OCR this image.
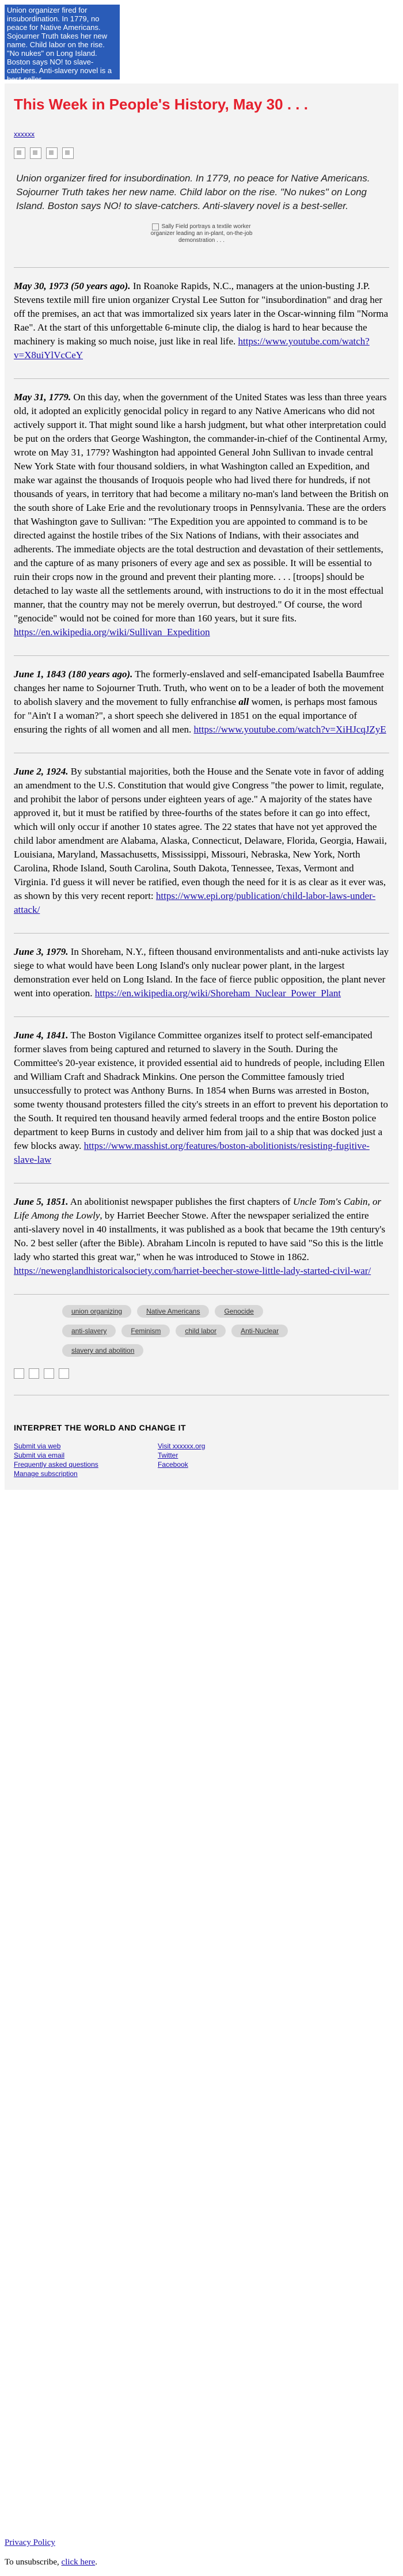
Union organizer fired for insubordination. In 1779, no peace for Native Americans. Sojourner Truth takes her new name. Child labor on the rise. "No nukes" on Long Island. Boston says NO! to slave-catchers. Anti-slavery novel is a best-seller.
This Week in People's History, May 30 . . .
xxxxxx
Union organizer fired for insubordination. In 1779, no peace for Native Americans. Sojourner Truth takes her new name. Child labor on the rise. "No nukes" on Long Island. Boston says NO! to slave-catchers. Anti-slavery novel is a best-seller.
Sally Field portrays a textile worker organizer leading an in-plant, on-the-job demonstration . . .
May 30, 1973 (50 years ago). In Roanoke Rapids, N.C., managers at the union-busting J.P. Stevens textile mill fire union organizer Crystal Lee Sutton for "insubordination" and drag her off the premises, an act that was immortalized six years later in the Oscar-winning film "Norma Rae". At the start of this unforgettable 6-minute clip, the dialog is hard to hear because the machinery is making so much noise, just like in real life. https://www.youtube.com/watch?v=X8uiYlVcCeY
May 31, 1779. On this day, when the government of the United States was less than three years old, it adopted an explicitly genocidal policy in regard to any Native Americans who did not actively support it. That might sound like a harsh judgment, but what other interpretation could be put on the orders that George Washington, the commander-in-chief of the Continental Army, wrote on May 31, 1779? Washington had appointed General John Sullivan to invade central New York State with four thousand soldiers, in what Washington called an Expedition, and make war against the thousands of Iroquois people who had lived there for hundreds, if not thousands of years, in territory that had become a military no-man's land between the British on the south shore of Lake Erie and the revolutionary troops in Pennsylvania. These are the orders that Washington gave to Sullivan: "The Expedition you are appointed to command is to be directed against the hostile tribes of the Six Nations of Indians, with their associates and adherents. The immediate objects are the total destruction and devastation of their settlements, and the capture of as many prisoners of every age and sex as possible. It will be essential to ruin their crops now in the ground and prevent their planting more. . . . [troops] should be detached to lay waste all the settlements around, with instructions to do it in the most effectual manner, that the country may not be merely overrun, but destroyed." Of course, the word "genocide" would not be coined for more than 160 years, but it sure fits. https://en.wikipedia.org/wiki/Sullivan_Expedition
June 1, 1843 (180 years ago). The formerly-enslaved and self-emancipated Isabella Baumfree changes her name to Sojourner Truth. Truth, who went on to be a leader of both the movement to abolish slavery and the movement to fully enfranchise all women, is perhaps most famous for "Ain't I a woman?", a short speech she delivered in 1851 on the equal importance of ensuring the rights of all women and all men. https://www.youtube.com/watch?v=XiHJcqJZyE
June 2, 1924. By substantial majorities, both the House and the Senate vote in favor of adding an amendment to the U.S. Constitution that would give Congress "the power to limit, regulate, and prohibit the labor of persons under eighteen years of age." A majority of the states have approved it, but it must be ratified by three-fourths of the states before it can go into effect, which will only occur if another 10 states agree. The 22 states that have not yet approved the child labor amendment are Alabama, Alaska, Connecticut, Delaware, Florida, Georgia, Hawaii, Louisiana, Maryland, Massachusetts, Mississippi, Missouri, Nebraska, New York, North Carolina, Rhode Island, South Carolina, South Dakota, Tennessee, Texas, Vermont and Virginia. I'd guess it will never be ratified, even though the need for it is as clear as it ever was, as shown by this very recent report: https://www.epi.org/publication/child-labor-laws-under-attack/
June 3, 1979. In Shoreham, N.Y., fifteen thousand environmentalists and anti-nuke activists lay siege to what would have been Long Island's only nuclear power plant, in the largest demonstration ever held on Long Island. In the face of fierce public opposition, the plant never went into operation. https://en.wikipedia.org/wiki/Shoreham_Nuclear_Power_Plant
June 4, 1841. The Boston Vigilance Committee organizes itself to protect self-emancipated former slaves from being captured and returned to slavery in the South. During the Committee's 20-year existence, it provided essential aid to hundreds of people, including Ellen and William Craft and Shadrack Minkins. One person the Committee famously tried unsuccessfully to protect was Anthony Burns. In 1854 when Burns was arrested in Boston, some twenty thousand protesters filled the city's streets in an effort to prevent his deportation to the South. It required ten thousand heavily armed federal troops and the entire Boston police department to keep Burns in custody and deliver him from jail to a ship that was docked just a few blocks away. https://www.masshist.org/features/boston-abolitionists/resisting-fugitive-slave-law
June 5, 1851. An abolitionist newspaper publishes the first chapters of Uncle Tom's Cabin, or Life Among the Lowly, by Harriet Beecher Stowe. After the newspaper serialized the entire anti-slavery novel in 40 installments, it was published as a book that became the 19th century's No. 2 best seller (after the Bible). Abraham Lincoln is reputed to have said "So this is the little lady who started this great war," when he was introduced to Stowe in 1862. https://newenglandhistoricalsociety.com/harriet-beecher-stowe-little-lady-started-civil-war/
union organizing	Native Americans	Genocide
anti-slavery	Feminism	child labor	Anti-Nuclear
slavery and abolition
INTERPRET THE WORLD AND CHANGE IT
Submit via web
Submit via email
Frequently asked questions
Manage subscription
Visit xxxxxx.org
Twitter
Facebook

Privacy Policy

To unsubscribe, click here.
